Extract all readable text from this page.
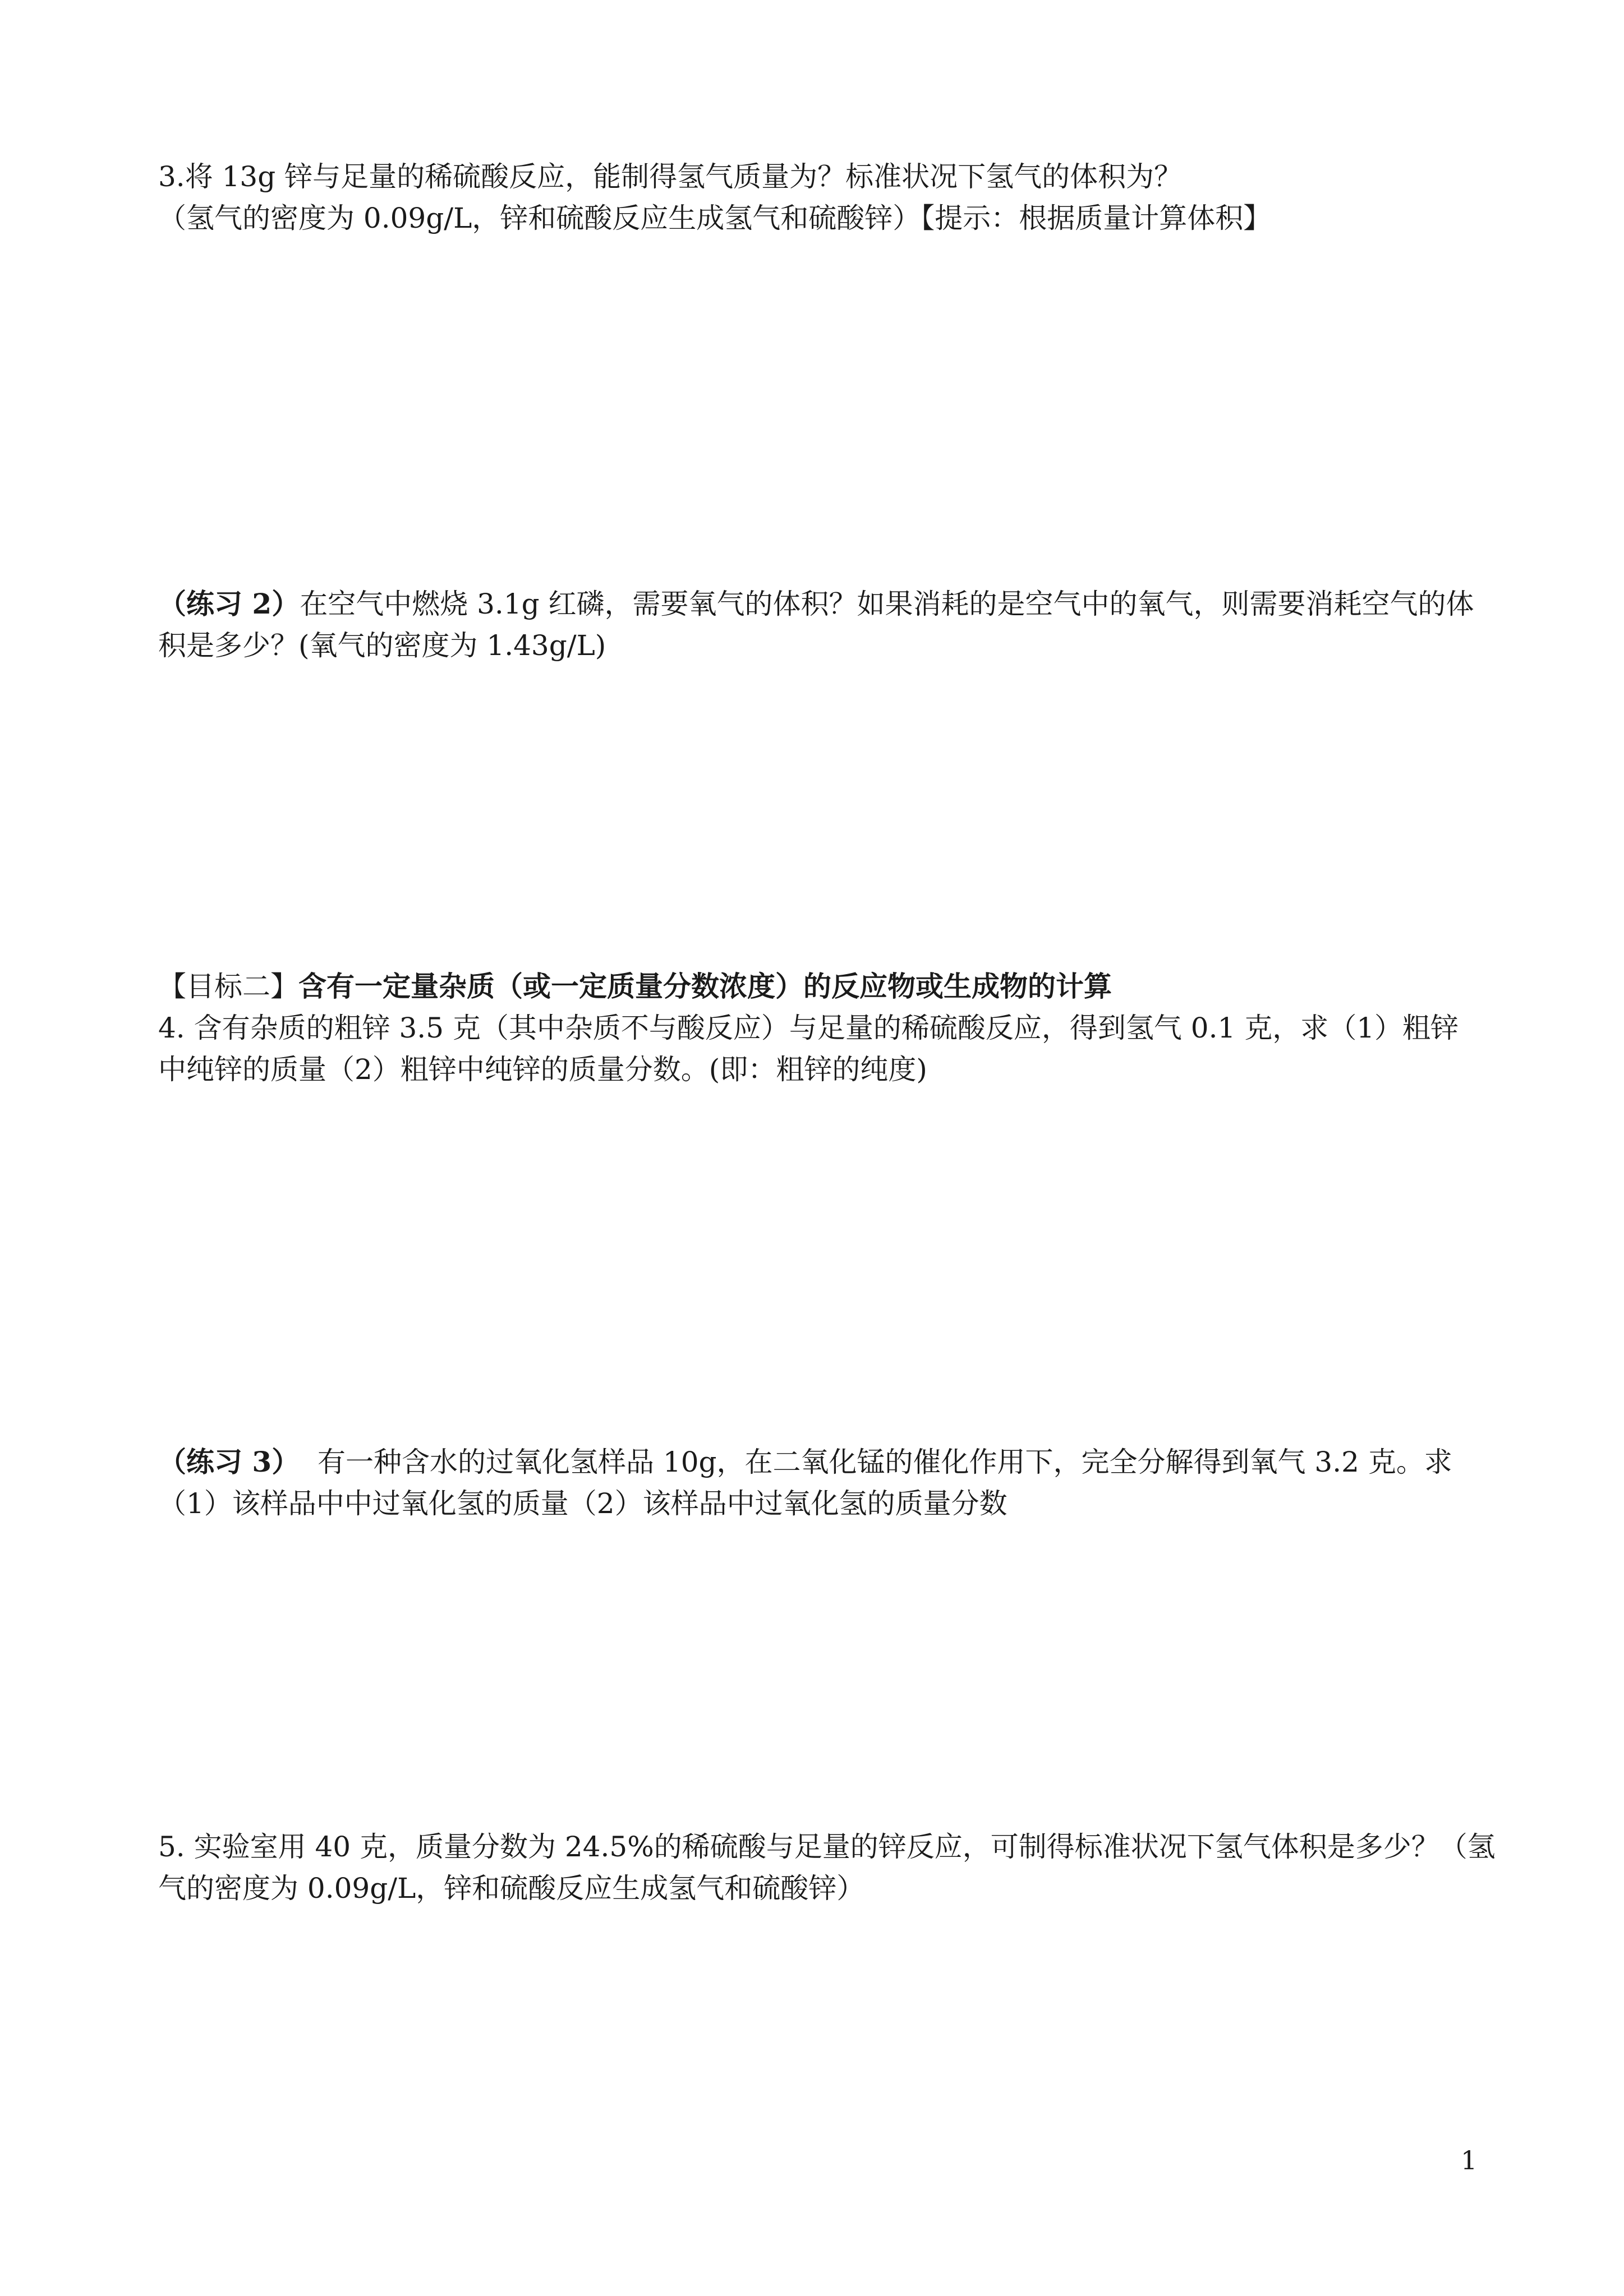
3.将 13g 锌与足量的稀硫酸反应，能制得氢气质量为？标准状况下氢气的体积为？
（氢气的密度为 0.09g/L，锌和硫酸反应生成氢气和硫酸锌）【提示：根据质量计算体积】
（练习 2）在空气中燃烧 3.1g 红磷，需要氧气的体积？如果消耗的是空气中的氧气，则需要消耗空气的体
积是多少？(氧气的密度为 1.43g/L)
【目标二】含有一定量杂质（或一定质量分数浓度）的反应物或生成物的计算
4. 含有杂质的粗锌 3.5 克（其中杂质不与酸反应）与足量的稀硫酸反应，得到氢气 0.1 克，求（1）粗锌
中纯锌的质量（2）粗锌中纯锌的质量分数。(即：粗锌的纯度)
（练习 3）  有一种含水的过氧化氢样品 10g，在二氧化锰的催化作用下，完全分解得到氧气 3.2 克。求
（1）该样品中中过氧化氢的质量（2）该样品中过氧化氢的质量分数
5. 实验室用 40 克，质量分数为 24.5%的稀硫酸与足量的锌反应，可制得标准状况下氢气体积是多少？（氢
气的密度为 0.09g/L，锌和硫酸反应生成氢气和硫酸锌）
1
